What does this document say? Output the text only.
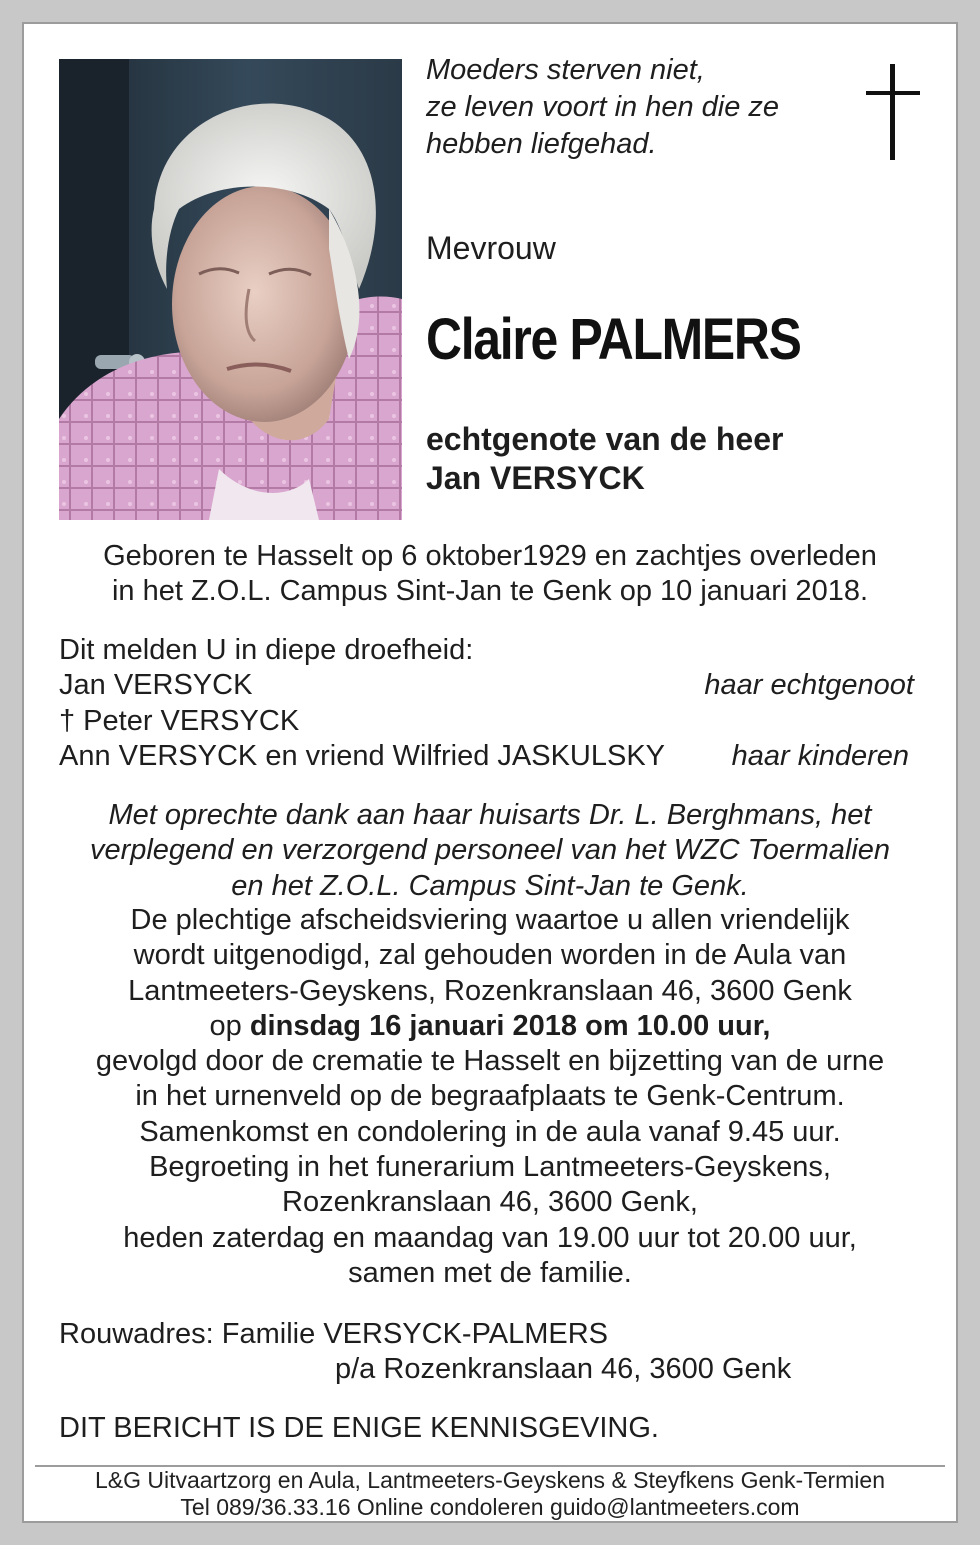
Moeders sterven niet,
ze leven voort in hen die ze
hebben liefgehad.
Mevrouw
Claire PALMERS
echtgenote van de heer
Jan VERSYCK
Geboren te Hasselt op 6 oktober1929 en zachtjes overleden
in het Z.O.L. Campus Sint-Jan te Genk op 10 januari 2018.
Dit melden U in diepe droefheid:
Jan VERSYCK	haar echtgenoot
† Peter VERSYCK
Ann VERSYCK en vriend Wilfried JASKULSKY haar kinderen
Met oprechte dank aan haar huisarts Dr. L. Berghmans, het
verplegend en verzorgend personeel van het WZC Toermalien
en het Z.O.L. Campus Sint-Jan te Genk.
De plechtige afscheidsviering waartoe u allen vriendelijk
wordt uitgenodigd, zal gehouden worden in de Aula van
Lantmeeters-Geyskens, Rozenkranslaan 46, 3600 Genk
op dinsdag 16 januari 2018 om 10.00 uur,
gevolgd door de crematie te Hasselt en bijzetting van de urne
in het urnenveld op de begraafplaats te Genk-Centrum.
Samenkomst en condolering in de aula vanaf 9.45 uur.
Begroeting in het funerarium Lantmeeters-Geyskens,
Rozenkranslaan 46, 3600 Genk,
heden zaterdag en maandag van 19.00 uur tot 20.00 uur,
samen met de familie.
Rouwadres: Familie VERSYCK-PALMERS
p/a Rozenkranslaan 46, 3600 Genk
DIT BERICHT IS DE ENIGE KENNISGEVING.
L&G Uitvaartzorg en Aula, Lantmeeters-Geyskens & Steyfkens Genk-Termien
Tel 089/36.33.16 Online condoleren guido@lantmeeters.com
